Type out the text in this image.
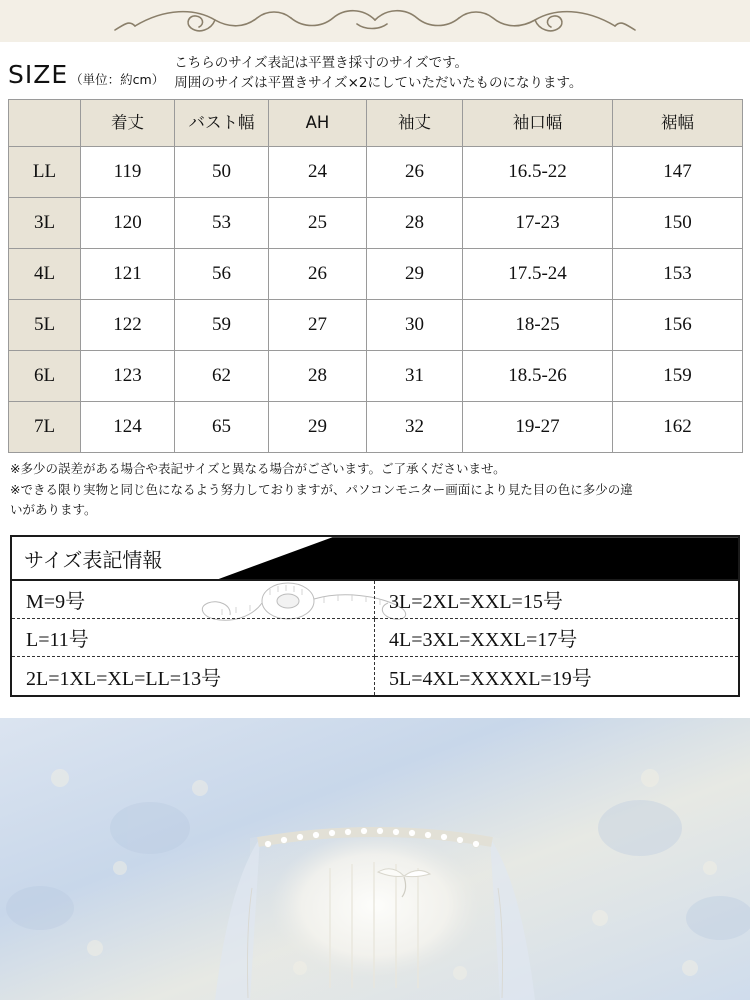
SIZE （単位：約cm）
こちらのサイズ表記は平置き採寸のサイズです。
周囲のサイズは平置きサイズ×2にしていただいたものになります。
	着丈	バスト幅	AH	袖丈	袖口幅	裾幅
LL	119	50	24	26	16.5-22	147
3L	120	53	25	28	17-23	150
4L	121	56	26	29	17.5-24	153
5L	122	59	27	30	18-25	156
6L	123	62	28	31	18.5-26	159
7L	124	65	29	32	19-27	162

※多少の誤差がある場合や表記サイズと異なる場合がございます。ご了承くださいませ。

※できる限り実物と同じ色になるよう努力しておりますが、パソコンモニター画面により見た目の色に多少の違

いがあります。

サイズ表記情報
M=9号	3L=2XL=XXL=15号
L=11号	4L=3XL=XXXL=17号
2L=1XL=XL=LL=13号	5L=4XL=XXXXL=19号
